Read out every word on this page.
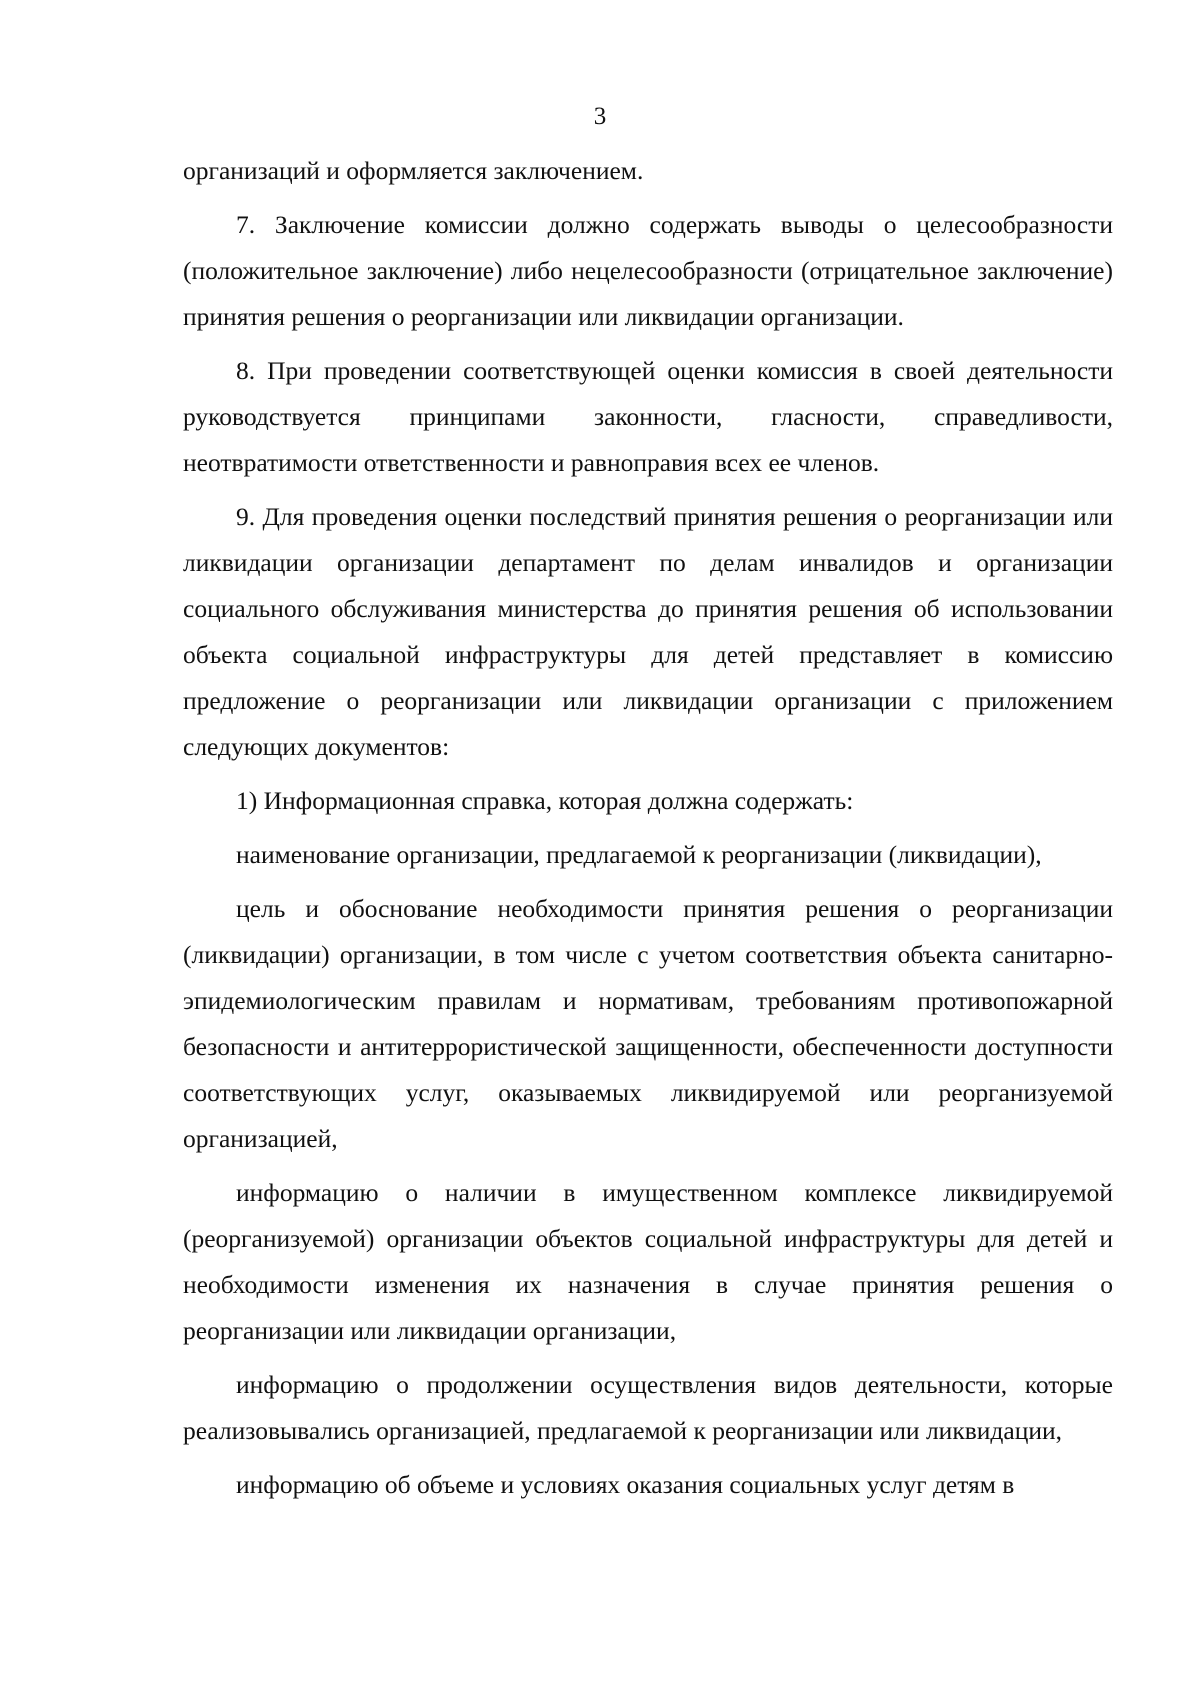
3

организаций и оформляется заключением.

7. Заключение комиссии должно содержать выводы о целесообразности (положительное заключение) либо нецелесообразности (отрицательное заключение) принятия решения о реорганизации или ликвидации организации.

8. При проведении соответствующей оценки комиссия в своей деятельности руководствуется принципами законности, гласности, справедливости, неотвратимости ответственности и равноправия всех ее членов.

9. Для проведения оценки последствий принятия решения о реорганизации или ликвидации организации департамент по делам инвалидов и организации социального обслуживания министерства до принятия решения об использовании объекта социальной инфраструктуры для детей представляет в комиссию предложение о реорганизации или ликвидации организации с приложением следующих документов:

1) Информационная справка, которая должна содержать:

наименование организации, предлагаемой к реорганизации (ликвидации),

цель и обоснование необходимости принятия решения о реорганизации (ликвидации) организации, в том числе с учетом соответствия объекта санитарно-эпидемиологическим правилам и нормативам, требованиям противопожарной безопасности и антитеррористической защищенности, обеспеченности доступности соответствующих услуг, оказываемых ликвидируемой или реорганизуемой организацией,

информацию о наличии в имущественном комплексе ликвидируемой (реорганизуемой) организации объектов социальной инфраструктуры для детей и необходимости изменения их назначения в случае принятия решения о реорганизации или ликвидации организации,

информацию о продолжении осуществления видов деятельности, которые реализовывались организацией, предлагаемой к реорганизации или ликвидации,

информацию об объеме и условиях оказания социальных услуг детям в
